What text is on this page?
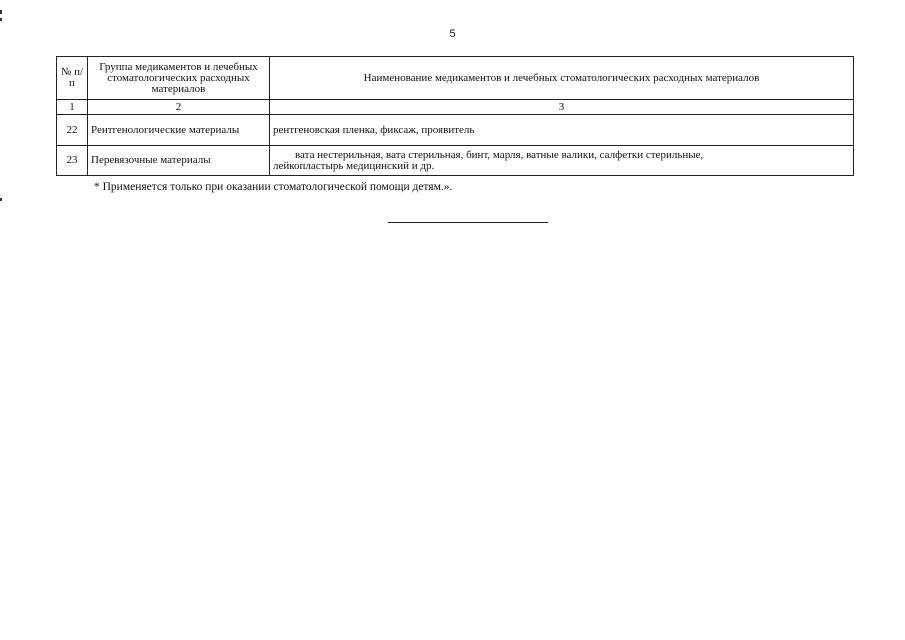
5
№ п/п	Группа медикаментов и лечебных стоматологических расходных материалов	Наименование медикаментов и лечебных стоматологических расходных материалов
1	2	3
22	Рентгенологические материалы	рентгеновская пленка, фиксаж, проявитель
23	Перевязочные материалы	вата нестерильная, вата стерильная, бинт, марля, ватные валики, салфетки стерильные,
лейкопластырь медицинский и др.
* Применяется только при оказании стоматологической помощи детям.».
